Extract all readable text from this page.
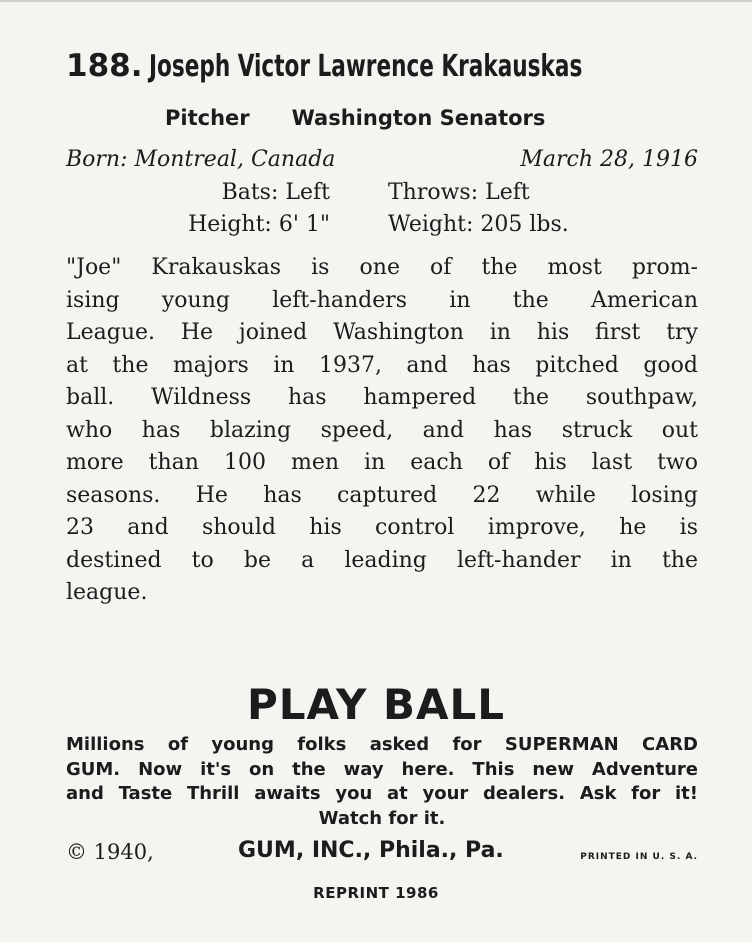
188. Joseph Victor Lawrence Krakauskas
Pitcher Washington Senators
Born: Montreal, Canada	March 28, 1916
Bats: Left	Throws: Left
Height: 6' 1"	Weight: 205 lbs.
"Joe" Krakauskas is one of the most prom-
ising young left-handers in the American
League. He joined Washington in his first try
at the majors in 1937, and has pitched good
ball. Wildness has hampered the southpaw,
who has blazing speed, and has struck out
more than 100 men in each of his last two
seasons. He has captured 22 while losing
23 and should his control improve, he is
destined to be a leading left-hander in the
league.
PLAY BALL
Millions of young folks asked for SUPERMAN CARD
GUM. Now it's on the way here. This new Adventure
and Taste Thrill awaits you at your dealers. Ask for it!
Watch for it.
© 1940,	GUM, INC., Phila., Pa.	PRINTED IN U. S. A.
REPRINT 1986
